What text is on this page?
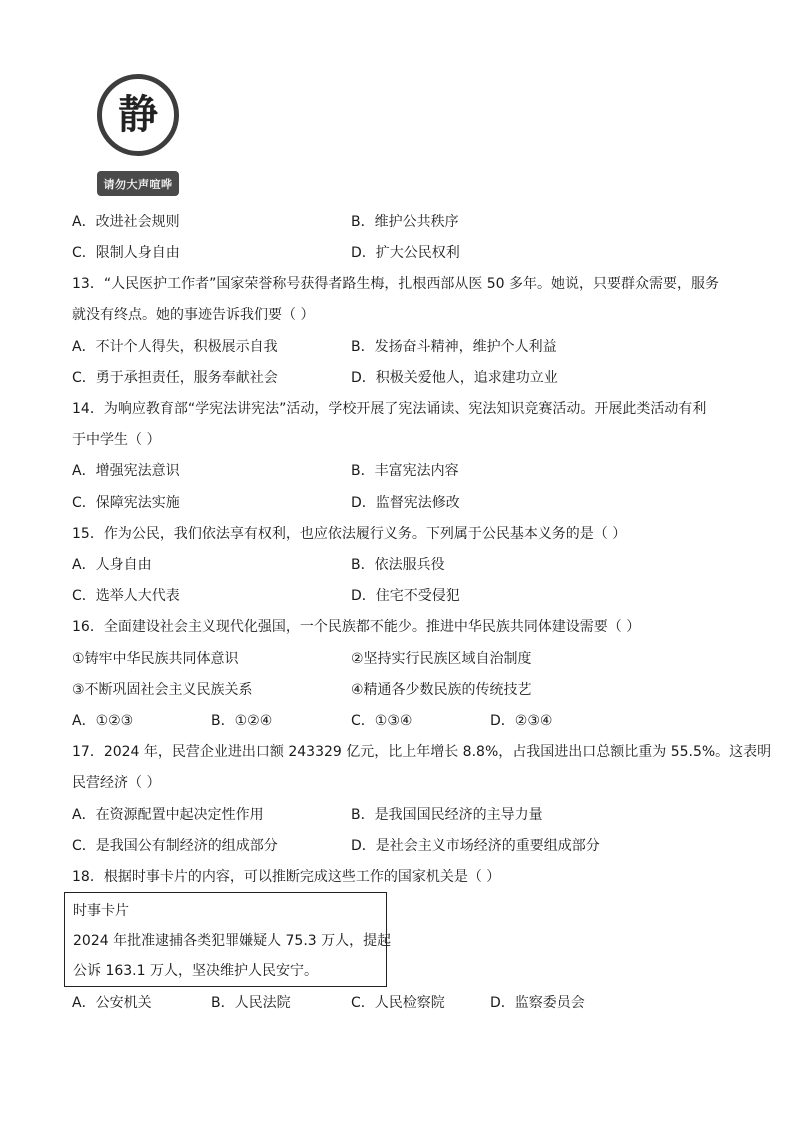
静
请勿大声喧哗
A．改进社会规则	B．维护公共秩序
C．限制人身自由	D．扩大公民权利
13．“人民医护工作者”国家荣誉称号获得者路生梅，扎根西部从医 50 多年。她说，只要群众需要，服务
就没有终点。她的事迹告诉我们要（ ）
A．不计个人得失，积极展示自我	B．发扬奋斗精神，维护个人利益
C．勇于承担责任，服务奉献社会	D．积极关爱他人，追求建功立业
14．为响应教育部“学宪法讲宪法”活动，学校开展了宪法诵读、宪法知识竞赛活动。开展此类活动有利
于中学生（ ）
A．增强宪法意识	B．丰富宪法内容
C．保障宪法实施	D．监督宪法修改
15．作为公民，我们依法享有权利，也应依法履行义务。下列属于公民基本义务的是（ ）
A．人身自由	B．依法服兵役
C．选举人大代表	D．住宅不受侵犯
16．全面建设社会主义现代化强国，一个民族都不能少。推进中华民族共同体建设需要（ ）
①铸牢中华民族共同体意识	②坚持实行民族区域自治制度
③不断巩固社会主义民族关系	④精通各少数民族的传统技艺
A．①②③	B．①②④	C．①③④	D．②③④
17．2024 年，民营企业进出口额 243329 亿元，比上年增长 8.8%，占我国进出口总额比重为 55.5%。这表明
民营经济（ ）
A．在资源配置中起决定性作用	B．是我国国民经济的主导力量
C．是我国公有制经济的组成部分	D．是社会主义市场经济的重要组成部分
18．根据时事卡片的内容，可以推断完成这些工作的国家机关是（ ）
时事卡片
2024 年批准逮捕各类犯罪嫌疑人 75.3 万人，提起
公诉 163.1 万人，坚决维护人民安宁。
A．公安机关	B．人民法院	C．人民检察院	D．监察委员会
